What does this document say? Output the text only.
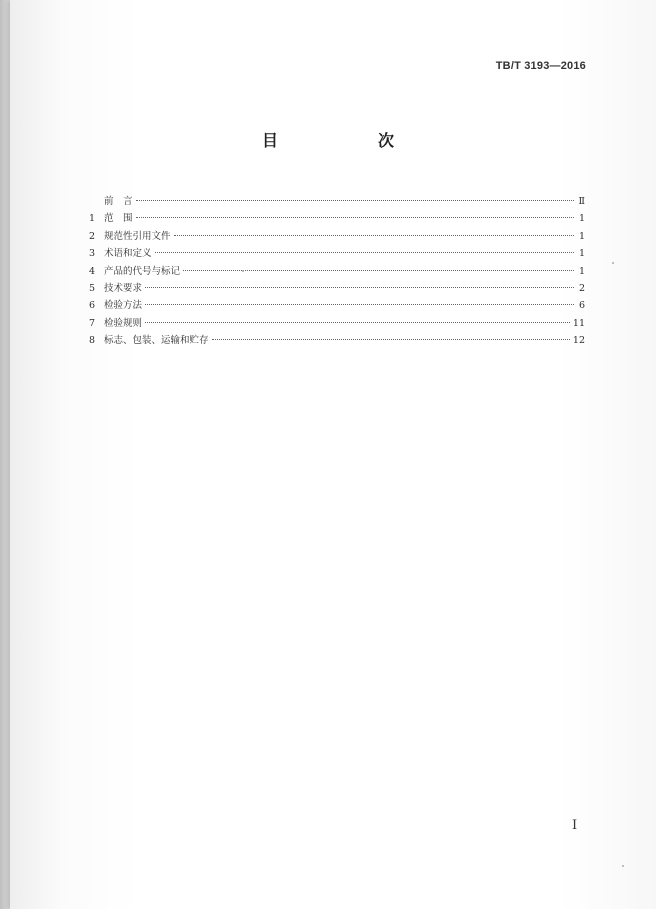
TB/T 3193—2016
目　次
前　言	Ⅱ
1 范　围	1
2 规范性引用文件	1
3 术语和定义	1
4 产品的代号与标记	1
5 技术要求	2
6 检验方法	6
7 检验规则	11
8 标志、包装、运输和贮存	12
I
